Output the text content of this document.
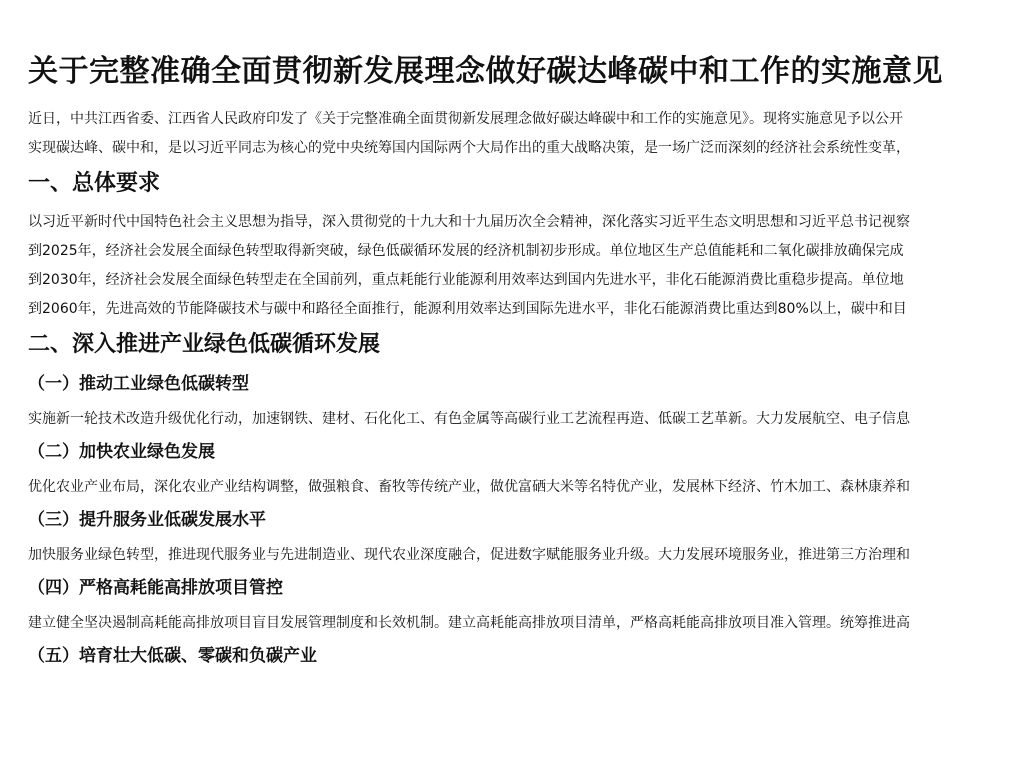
关于完整准确全面贯彻新发展理念做好碳达峰碳中和工作的实施意见

近日，中共江西省委、江西省人民政府印发了《关于完整准确全面贯彻新发展理念做好碳达峰碳中和工作的实施意见》。现将实施意见予以公开

实现碳达峰、碳中和，是以习近平同志为核心的党中央统筹国内国际两个大局作出的重大战略决策，是一场广泛而深刻的经济社会系统性变革，

一、总体要求

以习近平新时代中国特色社会主义思想为指导，深入贯彻党的十九大和十九届历次全会精神，深化落实习近平生态文明思想和习近平总书记视察

到2025年，经济社会发展全面绿色转型取得新突破，绿色低碳循环发展的经济机制初步形成。单位地区生产总值能耗和二氧化碳排放确保完成

到2030年，经济社会发展全面绿色转型走在全国前列，重点耗能行业能源利用效率达到国内先进水平，非化石能源消费比重稳步提高。单位地

到2060年，先进高效的节能降碳技术与碳中和路径全面推行，能源利用效率达到国际先进水平，非化石能源消费比重达到80%以上，碳中和目

二、深入推进产业绿色低碳循环发展
（一）推动工业绿色低碳转型

实施新一轮技术改造升级优化行动，加速钢铁、建材、石化化工、有色金属等高碳行业工艺流程再造、低碳工艺革新。大力发展航空、电子信息

（二）加快农业绿色发展

优化农业产业布局，深化农业产业结构调整，做强粮食、畜牧等传统产业，做优富硒大米等名特优产业，发展林下经济、竹木加工、森林康养和

（三）提升服务业低碳发展水平

加快服务业绿色转型，推进现代服务业与先进制造业、现代农业深度融合，促进数字赋能服务业升级。大力发展环境服务业，推进第三方治理和

（四）严格高耗能高排放项目管控

建立健全坚决遏制高耗能高排放项目盲目发展管理制度和长效机制。建立高耗能高排放项目清单，严格高耗能高排放项目准入管理。统筹推进高

（五）培育壮大低碳、零碳和负碳产业
